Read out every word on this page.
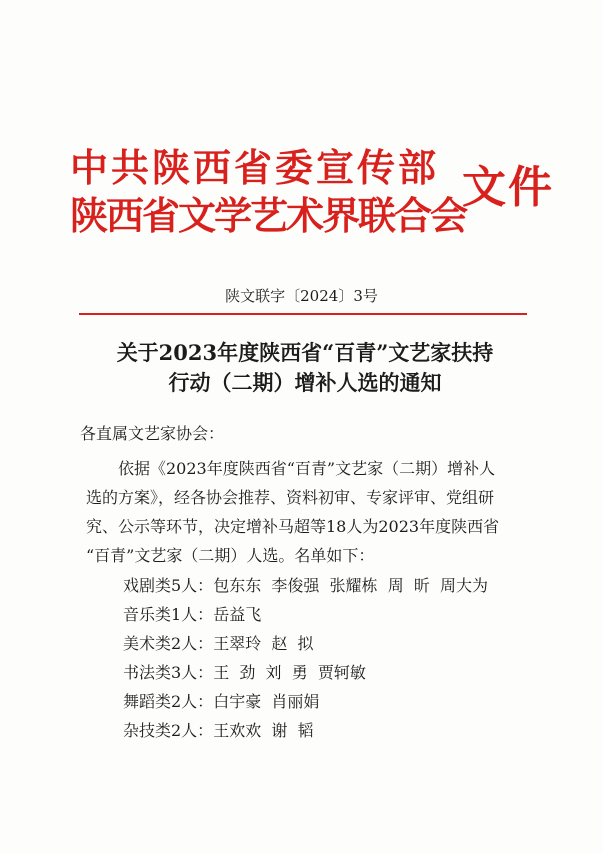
中共陕西省委宣传部
陕西省文学艺术界联合会
文件
陕文联字〔2024〕3号
关于2023年度陕西省“百青”文艺家扶持
行动（二期）增补人选的通知
各直属文艺家协会：
依据《2023年度陕西省“百青”文艺家（二期）增补人
选的方案》，经各协会推荐、资料初审、专家评审、党组研
究、公示等环节，决定增补马超等18人为2023年度陕西省
“百青”文艺家（二期）人选。名单如下：
戏剧类5人：包东东  李俊强  张耀栋  周  昕  周大为
音乐类1人：岳益飞
美术类2人：王翠玲  赵  拟
书法类3人：王  劲  刘  勇  贾轲敏
舞蹈类2人：白宇豪  肖丽娟
杂技类2人：王欢欢  谢  韬
